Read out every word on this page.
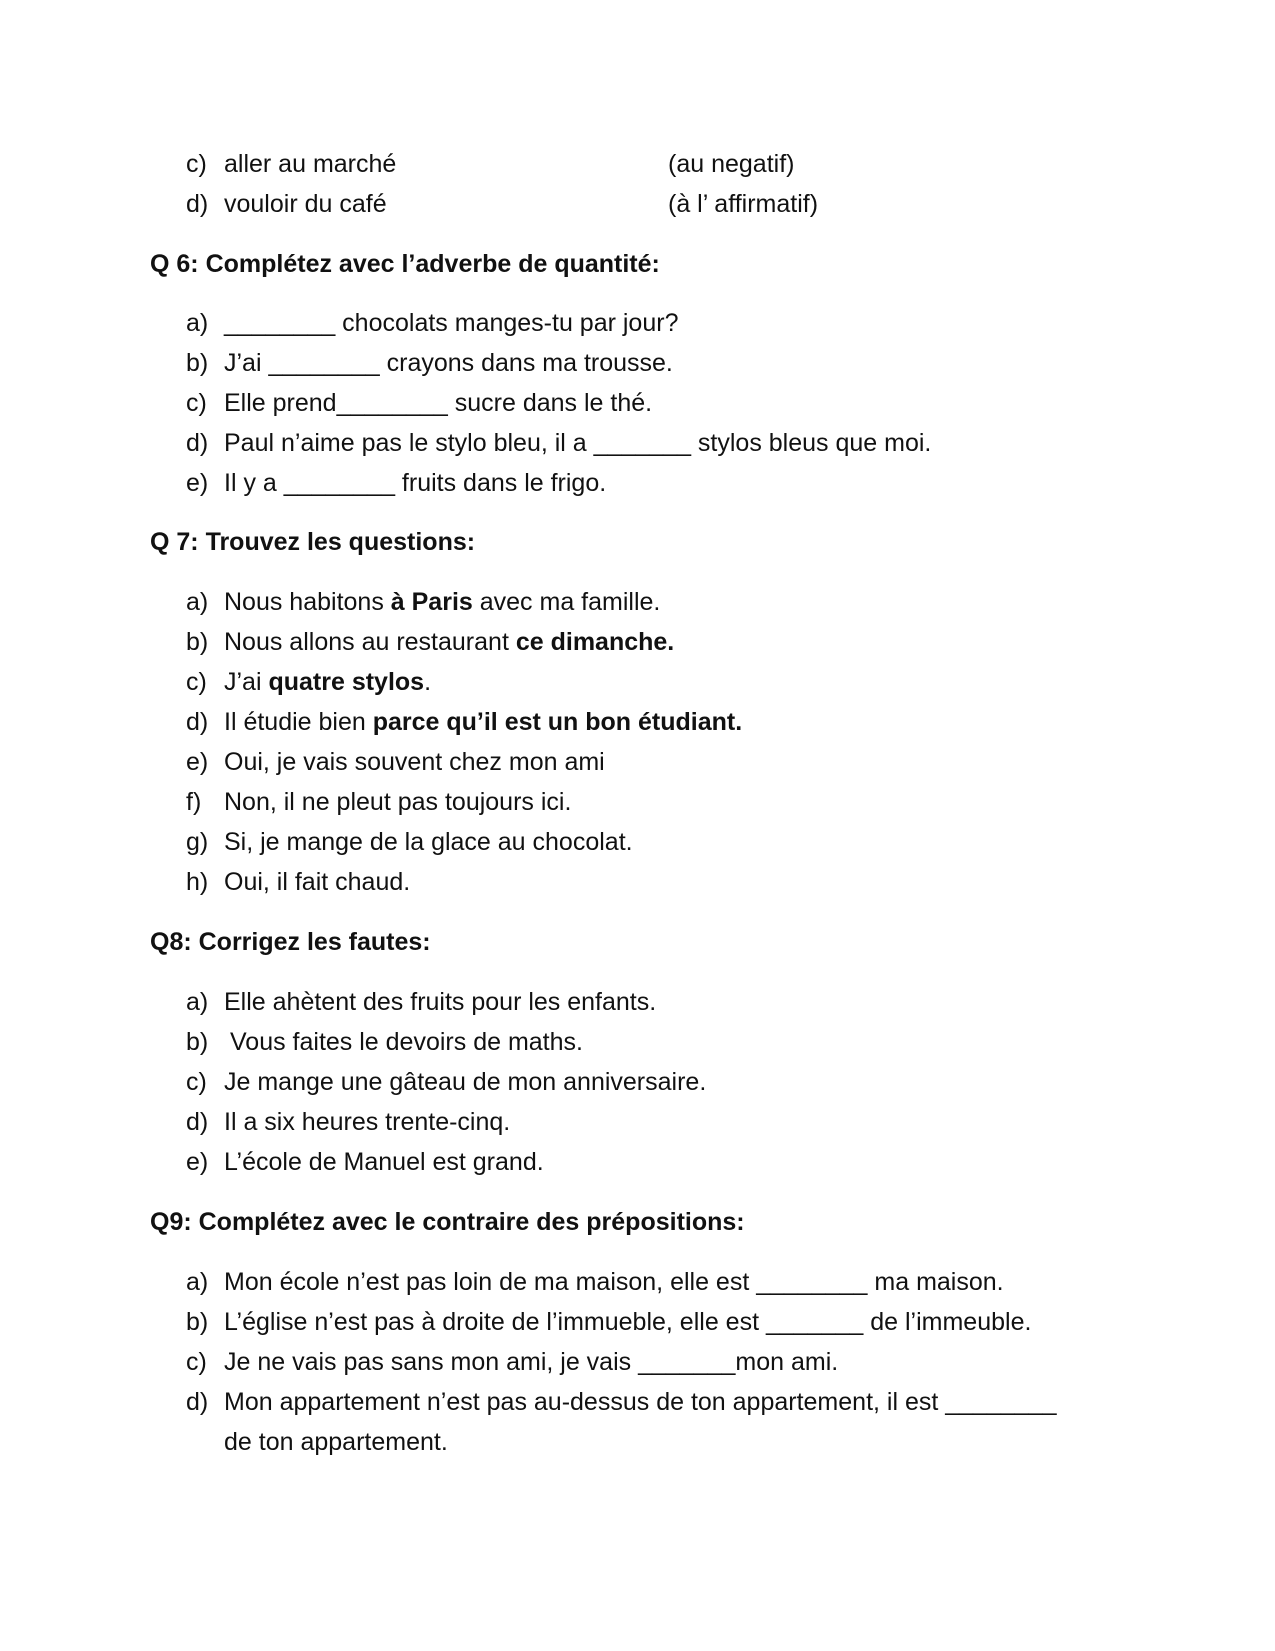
c) aller au marché	(au negatif)
d) vouloir du café	(à l’ affirmatif)
Q 6: Complétez avec l’adverbe de quantité:
a) ________ chocolats manges-tu par jour?
b) J’ai ________ crayons dans ma trousse.
c) Elle prend________ sucre dans le thé.
d) Paul n’aime pas le stylo bleu, il a _______ stylos bleus que moi.
e) Il y a ________ fruits dans le frigo.
Q 7: Trouvez les questions:
a) Nous habitons à Paris avec ma famille.
b) Nous allons au restaurant ce dimanche.
c) J’ai quatre stylos.
d) Il étudie bien parce qu’il est un bon étudiant.
e) Oui, je vais souvent chez mon ami
f) Non, il ne pleut pas toujours ici.
g) Si, je mange de la glace au chocolat.
h) Oui, il fait chaud.
Q8: Corrigez les fautes:
a) Elle ahètent des fruits pour les enfants.
b) Vous faites le devoirs de maths.
c) Je mange une gâteau de mon anniversaire.
d) Il a six heures trente-cinq.
e) L’école de Manuel est grand.
Q9: Complétez avec le contraire des prépositions:
a) Mon école n’est pas loin de ma maison, elle est ________ ma maison.
b) L’église n’est pas à droite de l’immueble, elle est _______ de l’immeuble.
c) Je ne vais pas sans mon ami, je vais _______mon ami.
d) Mon appartement n’est pas au-dessus de ton appartement, il est ________
de ton appartement.
